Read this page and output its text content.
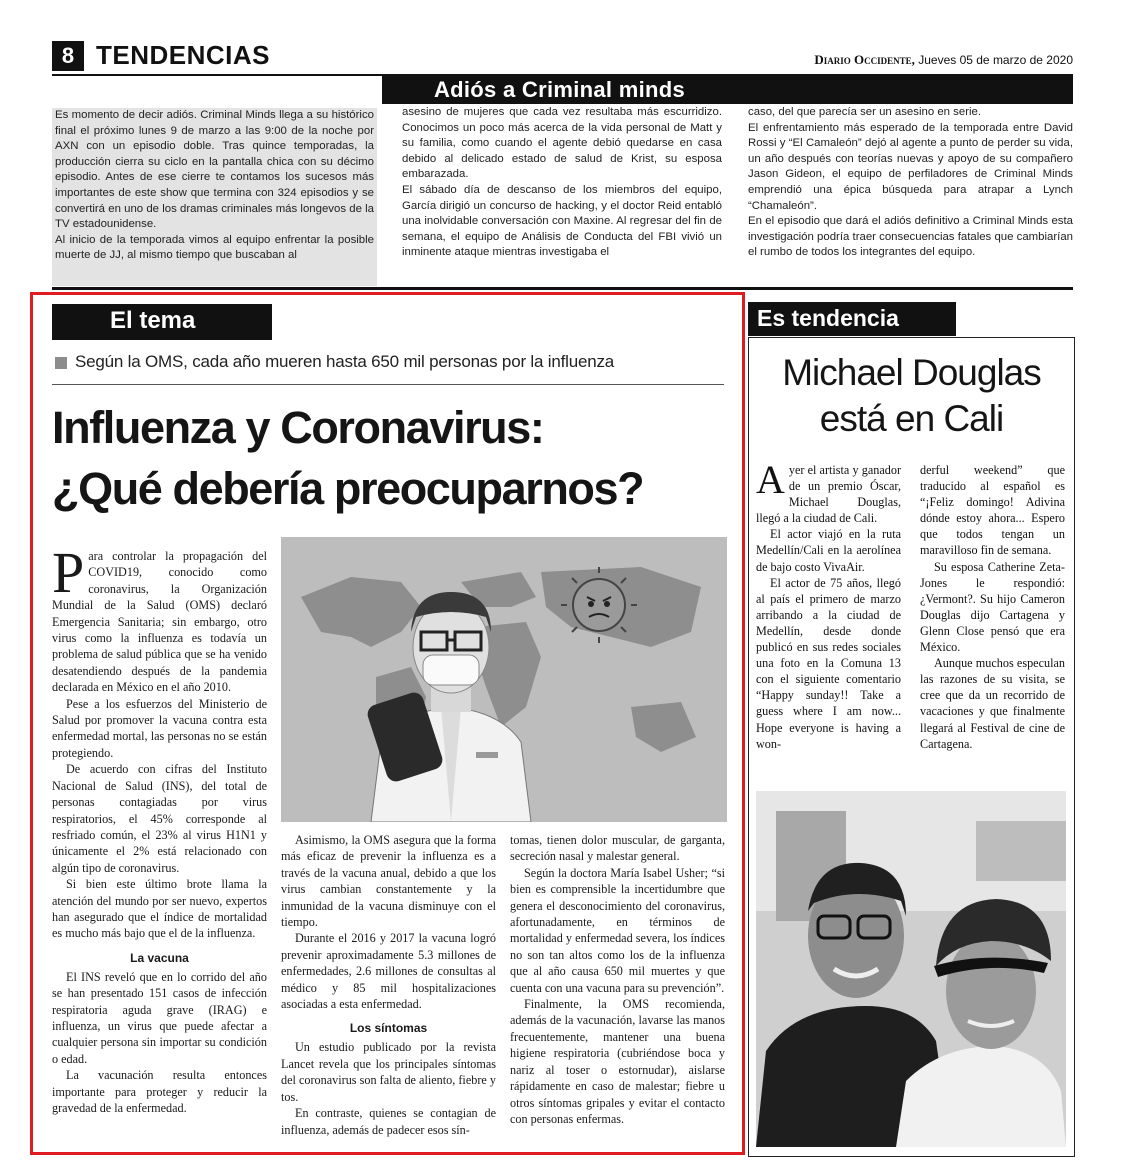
8 TENDENCIAS	Diario Occidente, Jueves 05 de marzo de 2020
Adiós a Criminal minds

Es momento de decir adiós. Criminal Minds llega a su histórico final el próximo lunes 9 de marzo a las 9:00 de la noche por AXN con un episodio doble. Tras quince temporadas, la producción cierra su ciclo en la pantalla chica con su décimo episodio. Antes de ese cierre te contamos los sucesos más importantes de este show que termina con 324 episodios y se convertirá en uno de los dramas criminales más longevos de la TV estadounidense.

Al inicio de la temporada vimos al equipo enfrentar la posible muerte de JJ, al mismo tiempo que buscaban al

asesino de mujeres que cada vez resultaba más escurridizo. Conocimos un poco más acerca de la vida personal de Matt y su familia, como cuando el agente debió quedarse en casa debido al delicado estado de salud de Krist, su esposa embarazada.

El sábado día de descanso de los miembros del equipo, García dirigió un concurso de hacking, y el doctor Reid entabló una inolvidable conversación con Maxine. Al regresar del fin de semana, el equipo de Análisis de Conducta del FBI vivió un inminente ataque mientras investigaba el

caso, del que parecía ser un asesino en serie.

El enfrentamiento más esperado de la temporada entre David Rossi y “El Camaleón” dejó al agente a punto de perder su vida, un año después con teorías nuevas y apoyo de su compañero Jason Gideon, el equipo de perfiladores de Criminal Minds emprendió una épica búsqueda para atrapar a Lynch “Chamaleón”.

En el episodio que dará el adiós definitivo a Criminal Minds esta investigación podría traer consecuencias fatales que cambiarían el rumbo de todos los integrantes del equipo.

El tema
Según la OMS, cada año mueren hasta 650 mil personas por la influenza
Influenza y Coronavirus:
¿Qué debería preocuparnos?

Para controlar la propagación del COVID19, conocido como coronavirus, la Organización Mundial de la Salud (OMS) declaró Emergencia Sanitaria; sin embargo, otro virus como la influenza es todavía un problema de salud pública que se ha venido desatendiendo después de la pandemia declarada en México en el año 2010.

Pese a los esfuerzos del Ministerio de Salud por promover la vacuna contra esta enfermedad mortal, las personas no se están protegiendo.

De acuerdo con cifras del Instituto Nacional de Salud (INS), del total de personas contagiadas por virus respiratorios, el 45% corresponde al resfriado común, el 23% al virus H1N1 y únicamente el 2% está relacionado con algún tipo de coronavirus.

Si bien este último brote llama la atención del mundo por ser nuevo, expertos han asegurado que el índice de mortalidad es mucho más bajo que el de la influenza.

La vacuna

El INS reveló que en lo corrido del año se han presentado 151 casos de infección respiratoria aguda grave (IRAG) e influenza, un virus que puede afectar a cualquier persona sin importar su condición o edad.

La vacunación resulta entonces importante para proteger y reducir la gravedad de la enfermedad.

Asimismo, la OMS asegura que la forma más eficaz de prevenir la influenza es a través de la vacuna anual, debido a que los virus cambian constantemente y la inmunidad de la vacuna disminuye con el tiempo.

Durante el 2016 y 2017 la vacuna logró prevenir aproximadamente 5.3 millones de enfermedades, 2.6 millones de consultas al médico y 85 mil hospitalizaciones asociadas a esta enfermedad.

Los síntomas

Un estudio publicado por la revista Lancet revela que los principales síntomas del coronavirus son falta de aliento, fiebre y tos.

En contraste, quienes se contagian de influenza, además de padecer esos sín-

tomas, tienen dolor muscular, de garganta, secreción nasal y malestar general.

Según la doctora María Isabel Usher; “si bien es comprensible la incertidumbre que genera el desconocimiento del coronavirus, afortunadamente, en términos de mortalidad y enfermedad severa, los índices no son tan altos como los de la influenza que al año causa 650 mil muertes y que cuenta con una vacuna para su prevención”.

Finalmente, la OMS recomienda, además de la vacunación, lavarse las manos frecuentemente, mantener una buena higiene respiratoria (cubriéndose boca y nariz al toser o estornudar), aislarse rápidamente en caso de malestar; fiebre u otros síntomas gripales y evitar el contacto con personas enfermas.

Es tendencia
Michael Douglas
está en Cali

Ayer el artista y ganador de un premio Óscar, Michael Douglas, llegó a la ciudad de Cali.

El actor viajó en la ruta Medellín/Cali en la aerolínea de bajo costo VivaAir.

El actor de 75 años, llegó al país el primero de marzo arribando a la ciudad de Medellín, desde donde publicó en sus redes sociales una foto en la Comuna 13 con el siguiente comentario “Happy sunday!! Take a guess where I am now... Hope everyone is having a won-

derful weekend” que traducido al español es “¡Feliz domingo! Adivina dónde estoy ahora... Espero que todos tengan un maravilloso fin de semana.

Su esposa Catherine Zeta-Jones le respondió: ¿Vermont?. Su hijo Cameron Douglas dijo Cartagena y Glenn Close pensó que era México.

Aunque muchos especulan las razones de su visita, se cree que da un recorrido de vacaciones y que finalmente llegará al Festival de cine de Cartagena.
